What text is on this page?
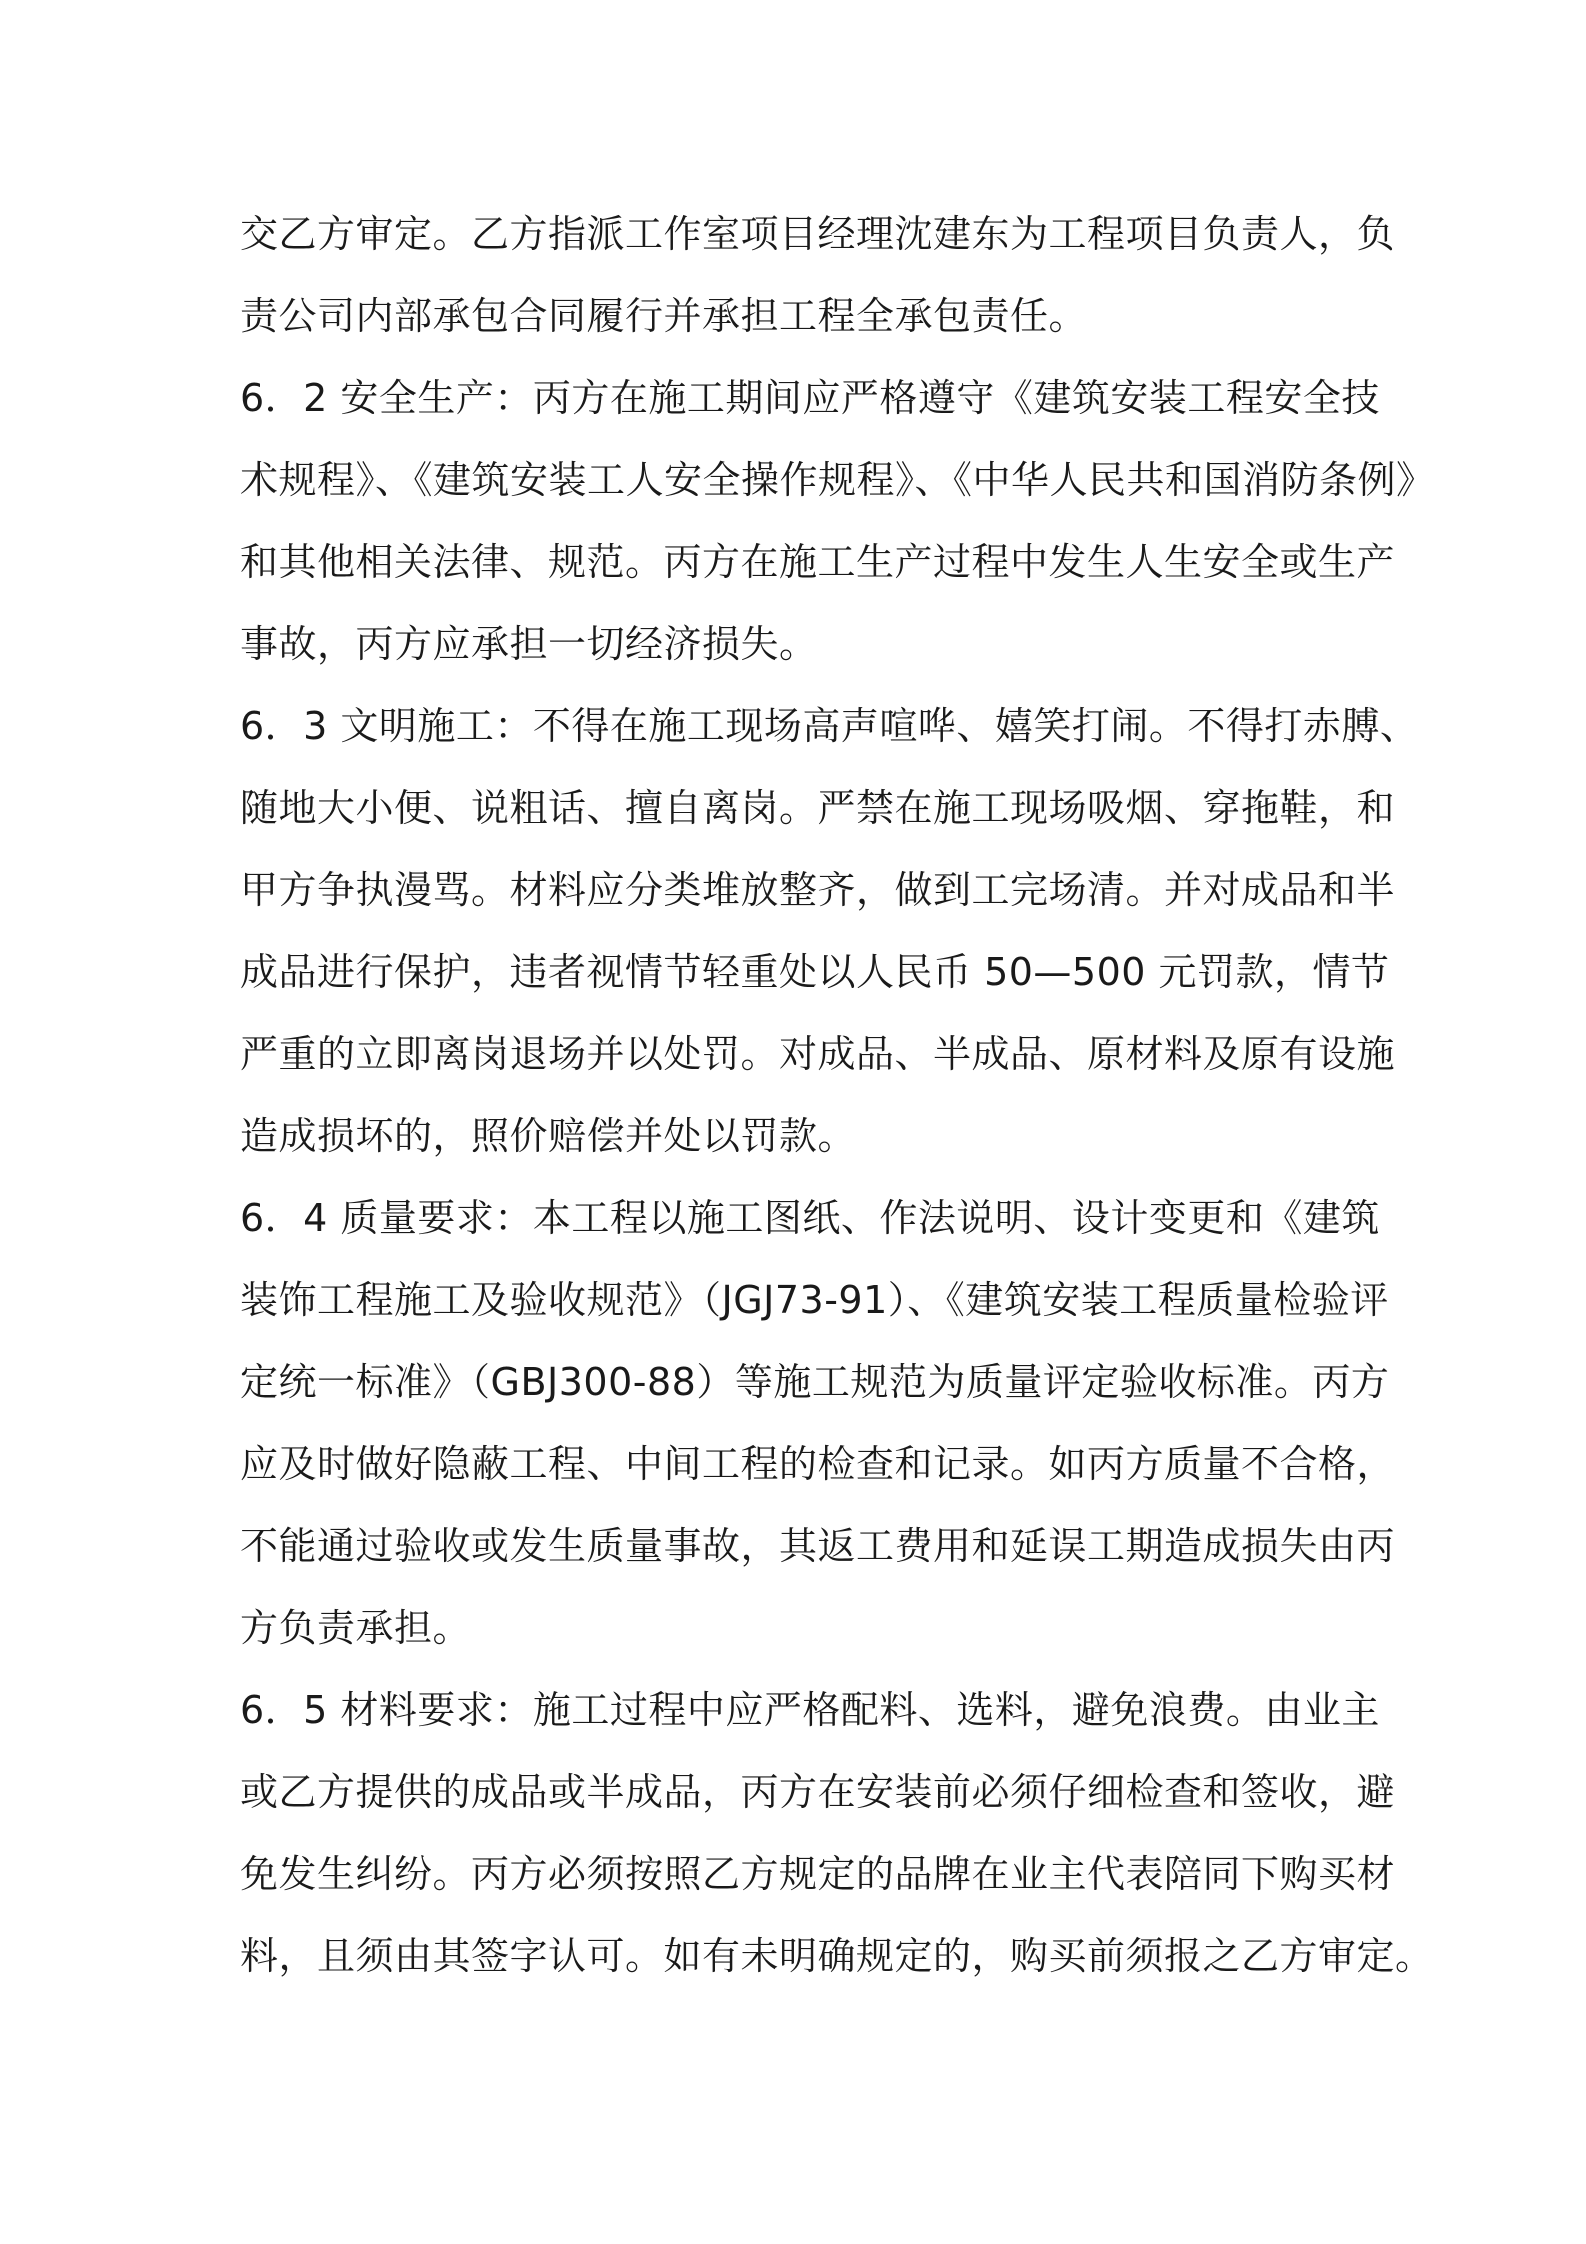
交乙方审定。乙方指派工作室项目经理沈建东为工程项目负责人，负
责公司内部承包合同履行并承担工程全承包责任。
6．2 安全生产：丙方在施工期间应严格遵守《建筑安装工程安全技
术规程》、《建筑安装工人安全操作规程》、《中华人民共和国消防条例》
和其他相关法律、规范。丙方在施工生产过程中发生人生安全或生产
事故，丙方应承担一切经济损失。
6．3 文明施工：不得在施工现场高声喧哗、嬉笑打闹。不得打赤膊、
随地大小便、说粗话、擅自离岗。严禁在施工现场吸烟、穿拖鞋，和
甲方争执漫骂。材料应分类堆放整齐，做到工完场清。并对成品和半
成品进行保护，违者视情节轻重处以人民币 50—500 元罚款，情节
严重的立即离岗退场并以处罚。对成品、半成品、原材料及原有设施
造成损坏的，照价赔偿并处以罚款。
6．4 质量要求：本工程以施工图纸、作法说明、设计变更和《建筑
装饰工程施工及验收规范》（JGJ73-91）、《建筑安装工程质量检验评
定统一标准》（GBJ300-88）等施工规范为质量评定验收标准。丙方
应及时做好隐蔽工程、中间工程的检查和记录。如丙方质量不合格，
不能通过验收或发生质量事故，其返工费用和延误工期造成损失由丙
方负责承担。
6．5 材料要求：施工过程中应严格配料、选料，避免浪费。由业主
或乙方提供的成品或半成品，丙方在安装前必须仔细检查和签收，避
免发生纠纷。丙方必须按照乙方规定的品牌在业主代表陪同下购买材
料，且须由其签字认可。如有未明确规定的，购买前须报之乙方审定。
